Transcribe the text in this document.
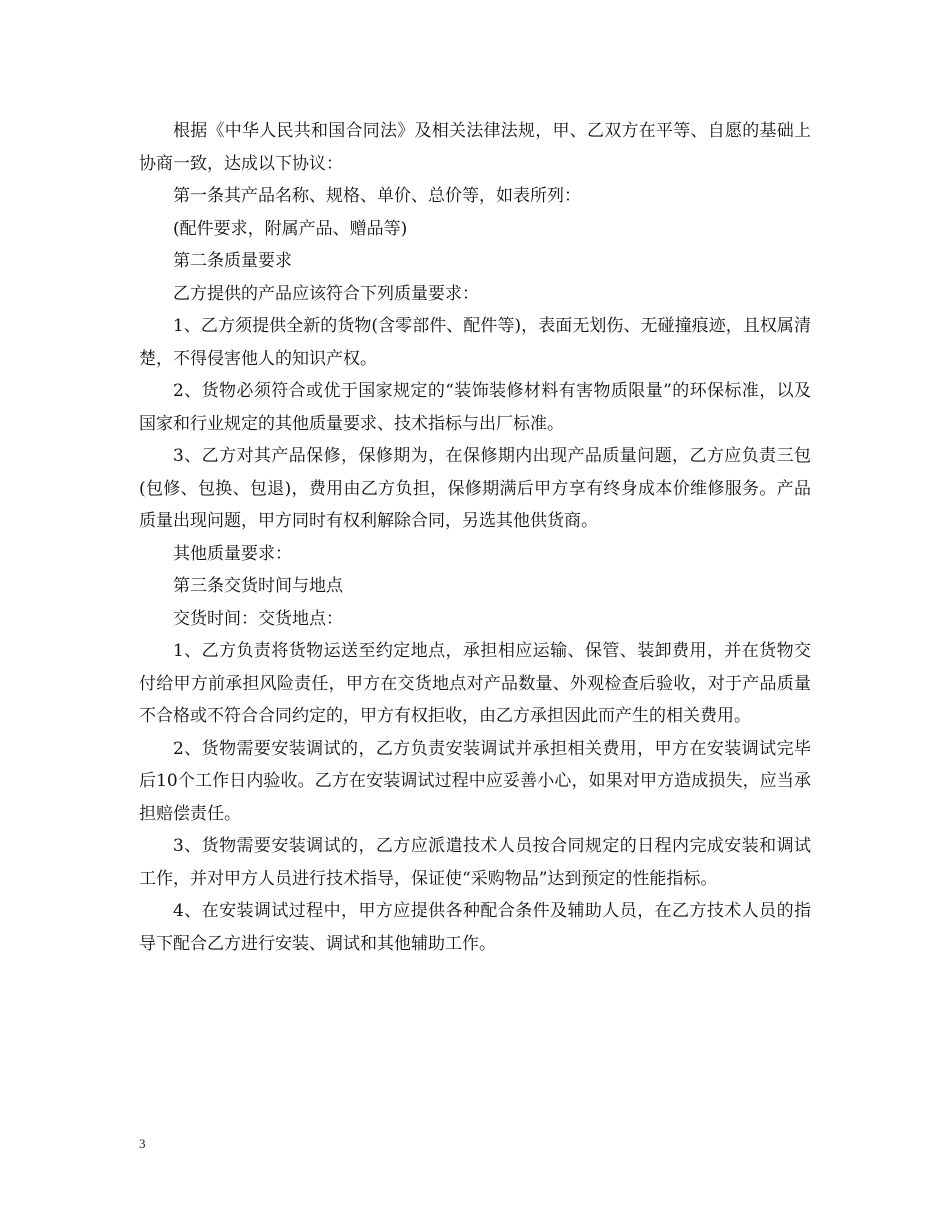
根据《中华人民共和国合同法》及相关法律法规，甲、乙双方在平等、自愿的基础上协商一致，达成以下协议：

第一条其产品名称、规格、单价、总价等，如表所列：

(配件要求，附属产品、赠品等)

第二条质量要求

乙方提供的产品应该符合下列质量要求：

1、乙方须提供全新的货物(含零部件、配件等)，表面无划伤、无碰撞痕迹，且权属清楚，不得侵害他人的知识产权。

2、货物必须符合或优于国家规定的“装饰装修材料有害物质限量”的环保标准，以及国家和行业规定的其他质量要求、技术指标与出厂标准。

3、乙方对其产品保修，保修期为，在保修期内出现产品质量问题，乙方应负责三包(包修、包换、包退)，费用由乙方负担，保修期满后甲方享有终身成本价维修服务。产品质量出现问题，甲方同时有权利解除合同，另选其他供货商。

其他质量要求：

第三条交货时间与地点

交货时间：交货地点：

1、乙方负责将货物运送至约定地点，承担相应运输、保管、装卸费用，并在货物交付给甲方前承担风险责任，甲方在交货地点对产品数量、外观检查后验收，对于产品质量不合格或不符合合同约定的，甲方有权拒收，由乙方承担因此而产生的相关费用。

2、货物需要安装调试的，乙方负责安装调试并承担相关费用，甲方在安装调试完毕后10个工作日内验收。乙方在安装调试过程中应妥善小心，如果对甲方造成损失，应当承担赔偿责任。

3、货物需要安装调试的，乙方应派遣技术人员按合同规定的日程内完成安装和调试工作，并对甲方人员进行技术指导，保证使“采购物品”达到预定的性能指标。

4、在安装调试过程中，甲方应提供各种配合条件及辅助人员，在乙方技术人员的指导下配合乙方进行安装、调试和其他辅助工作。

3
